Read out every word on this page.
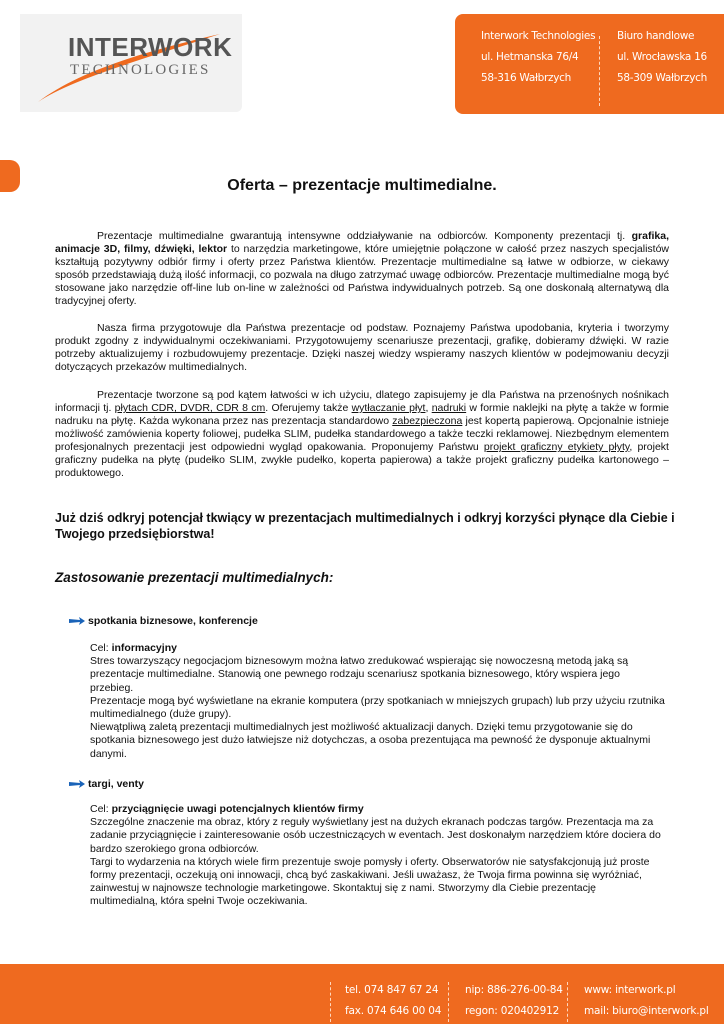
INTERWORK
TECHNOLOGIES
Interwork Technologies
ul. Hetmanska 76/4
58-316 Wałbrzych
Biuro handlowe
ul. Wrocławska 16
58-309 Wałbrzych
Oferta – prezentacje multimedialne.
Prezentacje multimedialne gwarantują intensywne oddziaływanie na odbiorców. Komponenty prezentacji tj. grafika, animacje 3D, filmy, dźwięki, lektor to narzędzia marketingowe, które umiejętnie połączone w całość przez naszych specjalistów kształtują pozytywny odbiór firmy i oferty przez Państwa klientów. Prezentacje multimedialne są łatwe w odbiorze, w ciekawy sposób przedstawiają dużą ilość informacji, co pozwala na długo zatrzymać uwagę odbiorców. Prezentacje multimedialne mogą być stosowane jako narzędzie off-line lub on-line w zależności od Państwa indywidualnych potrzeb. Są one doskonałą alternatywą dla tradycyjnej oferty.
Nasza firma przygotowuje dla Państwa prezentacje od podstaw. Poznajemy Państwa upodobania, kryteria i tworzymy produkt zgodny z indywidualnymi oczekiwaniami. Przygotowujemy scenariusze prezentacji, grafikę, dobieramy dźwięki. W razie potrzeby aktualizujemy i rozbudowujemy prezentacje. Dzięki naszej wiedzy wspieramy naszych klientów w podejmowaniu decyzji dotyczących przekazów multimedialnych.
Prezentacje tworzone są pod kątem łatwości w ich użyciu, dlatego zapisujemy je dla Państwa na przenośnych nośnikach informacji tj. płytach CDR, DVDR, CDR 8 cm. Oferujemy także wytłaczanie płyt, nadruki w formie naklejki na płytę a także w formie nadruku na płytę. Każda wykonana przez nas prezentacja standardowo zabezpieczona jest kopertą papierową. Opcjonalnie istnieje możliwość zamówienia koperty foliowej, pudełka SLIM, pudełka standardowego a także teczki reklamowej. Niezbędnym elementem profesjonalnych prezentacji jest odpowiedni wygląd opakowania. Proponujemy Państwu projekt graficzny etykiety płyty, projekt graficzny pudełka na płytę (pudełko SLIM, zwykłe pudełko, koperta papierowa) a także projekt graficzny pudełka kartonowego – produktowego.
Już dziś odkryj potencjał tkwiący w prezentacjach multimedialnych i odkryj korzyści płynące dla Ciebie i Twojego przedsiębiorstwa!
Zastosowanie prezentacji multimedialnych:
spotkania biznesowe, konferencje
Cel: informacyjny
Stres towarzyszący negocjacjom biznesowym można łatwo zredukować wspierając się nowoczesną metodą jaką są prezentacje multimedialne. Stanowią one pewnego rodzaju scenariusz spotkania biznesowego, który wspiera jego przebieg.
Prezentacje mogą być wyświetlane na ekranie komputera (przy spotkaniach w mniejszych grupach) lub przy użyciu rzutnika multimedialnego (duże grupy).
Niewątpliwą zaletą prezentacji multimedialnych jest możliwość aktualizacji danych. Dzięki temu przygotowanie się do spotkania biznesowego jest dużo łatwiejsze niż dotychczas, a osoba prezentująca ma pewność że dysponuje aktualnymi danymi.
targi, venty
Cel: przyciągnięcie uwagi potencjalnych klientów firmy
Szczególne znaczenie ma obraz, który z reguły wyświetlany jest na dużych ekranach podczas targów. Prezentacja ma za zadanie przyciągnięcie i zainteresowanie osób uczestniczących w eventach. Jest doskonałym narzędziem które dociera do bardzo szerokiego grona odbiorców.
Targi to wydarzenia na których wiele firm prezentuje swoje pomysły i oferty. Obserwatorów nie satysfakcjonują już proste formy prezentacji, oczekują oni innowacji, chcą być zaskakiwani. Jeśli uważasz, że Twoja firma powinna się wyróżniać, zainwestuj w najnowsze technologie marketingowe. Skontaktuj się z nami. Stworzymy dla Ciebie prezentację multimedialną, która spełni Twoje oczekiwania.
tel. 074 847 67 24
fax. 074 646 00 04
nip: 886-276-00-84
regon: 020402912
www: interwork.pl
mail: biuro@interwork.pl
